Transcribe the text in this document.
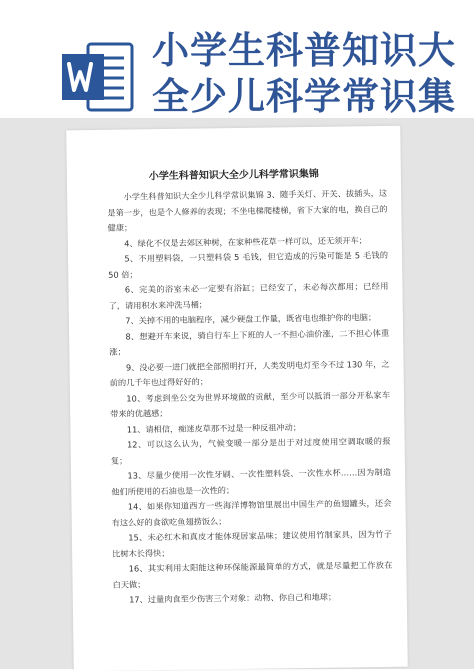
小学生科普知识大全少儿科学常识集
小学生科普知识大全少儿科学常识集锦

小学生科普知识大全少儿科学常识集锦 3、随手关灯、开关、拔插头，这是第一步，也是个人修养的表现；不坐电梯爬楼梯，省下大家的电，换自己的健康；

4、绿化不仅是去郊区种树，在家种些花草一样可以，还无须开车；

5、不用塑料袋，一只塑料袋 5 毛钱，但它造成的污染可能是 5 毛钱的 50 倍；

6、完美的浴室未必一定要有浴缸；已经安了，未必每次都用；已经用了，请用积水来冲洗马桶；

7、关掉不用的电脑程序，减少硬盘工作量，既省电也维护你的电脑；

8、想避开车来说，骑自行车上下班的人一不担心油价涨，二不担心体重涨；

9、没必要一进门就把全部照明打开，人类发明电灯至今不过 130 年，之前的几千年也过得好好的；

10、考虑到坐公交为世界环境做的贡献，至少可以抵消一部分开私家车带来的优越感；

11、请相信，痴迷皮草那不过是一种反祖冲动；

12、可以这么认为，气候变暖一部分是出于对过度使用空调取暖的报复；

13、尽量少使用一次性牙刷、一次性塑料袋、一次性水杯……因为制造他们所使用的石油也是一次性的；

14、如果你知道西方一些海洋博物馆里展出中国生产的鱼翅罐头，还会有这么好的食欲吃鱼翅捞饭么；

15、未必红木和真皮才能体现居家品味；建议使用竹制家具，因为竹子比树木长得快；

16、其实利用太阳能这种环保能源最简单的方式，就是尽量把工作放在白天做；

17、过量肉食至少伤害三个对象：动物、你自己和地球；
